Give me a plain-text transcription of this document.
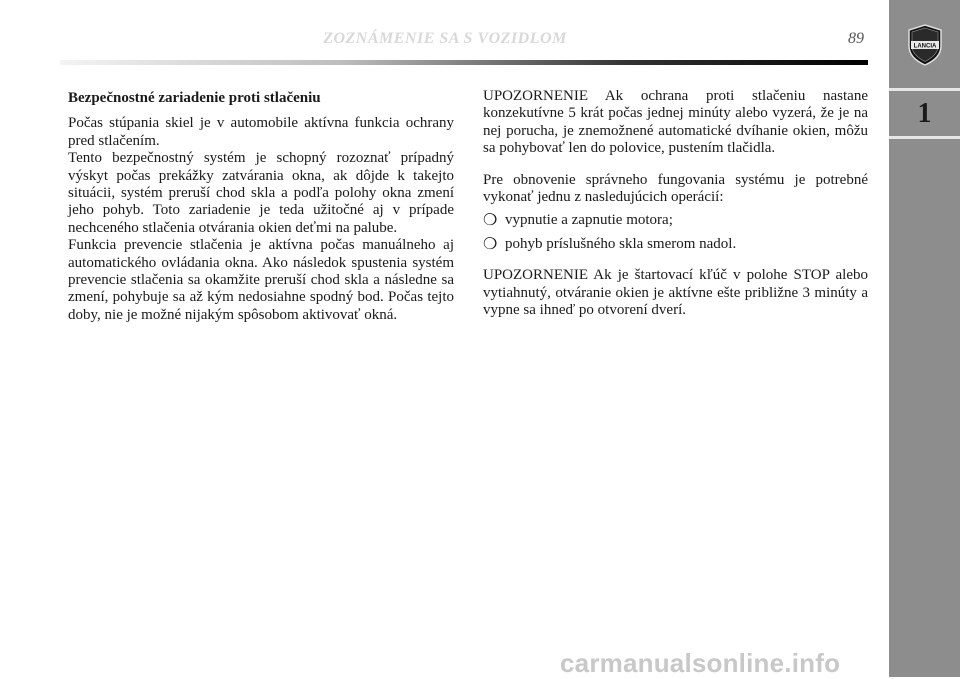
ZOZNÁMENIE SA S VOZIDLOM	89	LANCIA
1

Bezpečnostné zariadenie proti stlačeniu

Počas stúpania skiel je v automobile aktívna funkcia ochrany pred stlačením.

Tento bezpečnostný systém je schopný rozoznať prípadný výskyt počas prekážky zatvárania okna, ak dôjde k takejto situácii, systém preruší chod skla a podľa polohy okna zmení jeho pohyb. Toto zariadenie je teda užitočné aj v prípade nechceného stlačenia otvárania okien deťmi na palube.

Funkcia prevencie stlačenia je aktívna počas manuálneho aj automatického ovládania okna. Ako následok spustenia systém prevencie stlačenia sa okamžite preruší chod skla a následne sa zmení, pohybuje sa až kým nedosiahne spodný bod. Počas tejto doby, nie je možné nijakým spôsobom aktivovať okná.

UPOZORNENIE Ak ochrana proti stlačeniu nastane konzekutívne 5 krát počas jednej minúty alebo vyzerá, že je na nej porucha, je znemožnené automatické dvíhanie okien, môžu sa pohybovať len do polovice, pustením tlačidla.

Pre obnovenie správneho fungovania systému je potrebné vykonať jednu z nasledujúcich operácií:

❍ vypnutie a zapnutie motora;
❍ pohyb príslušného skla smerom nadol.

UPOZORNENIE Ak je štartovací kľúč v polohe STOP alebo vytiahnutý, otváranie okien je aktívne ešte približne 3 minúty a vypne sa ihneď po otvorení dverí.

carmanualsonline.info
